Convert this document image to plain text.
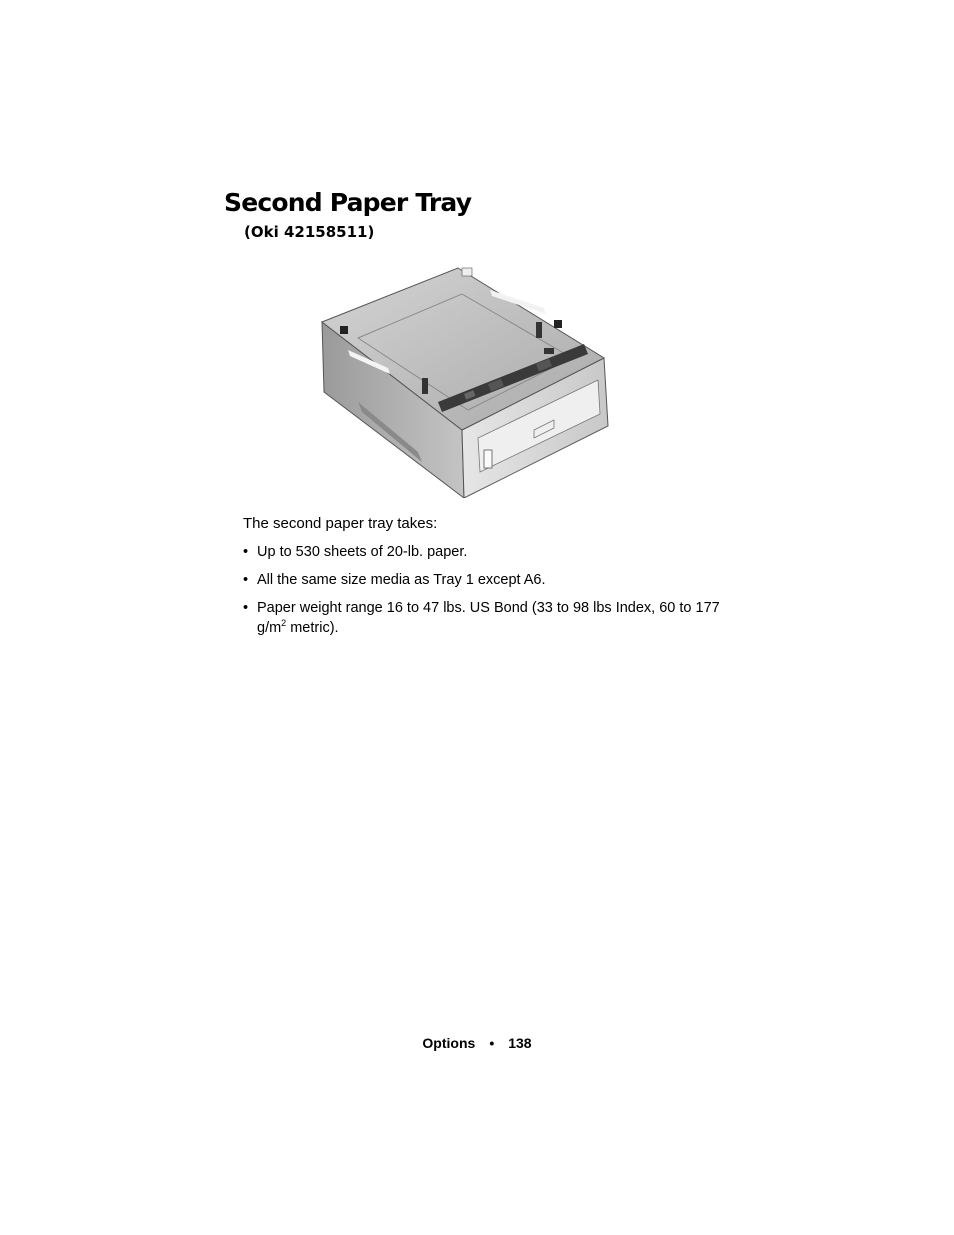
Second Paper Tray
(Oki 42158511)

The second paper tray takes:

• Up to 530 sheets of 20-lb. paper.
• All the same size media as Tray 1 except A6.
• Paper weight range 16 to 47 lbs. US Bond (33 to 98 lbs Index, 60 to 177 $g/m^2$ metric).
Options • 138
